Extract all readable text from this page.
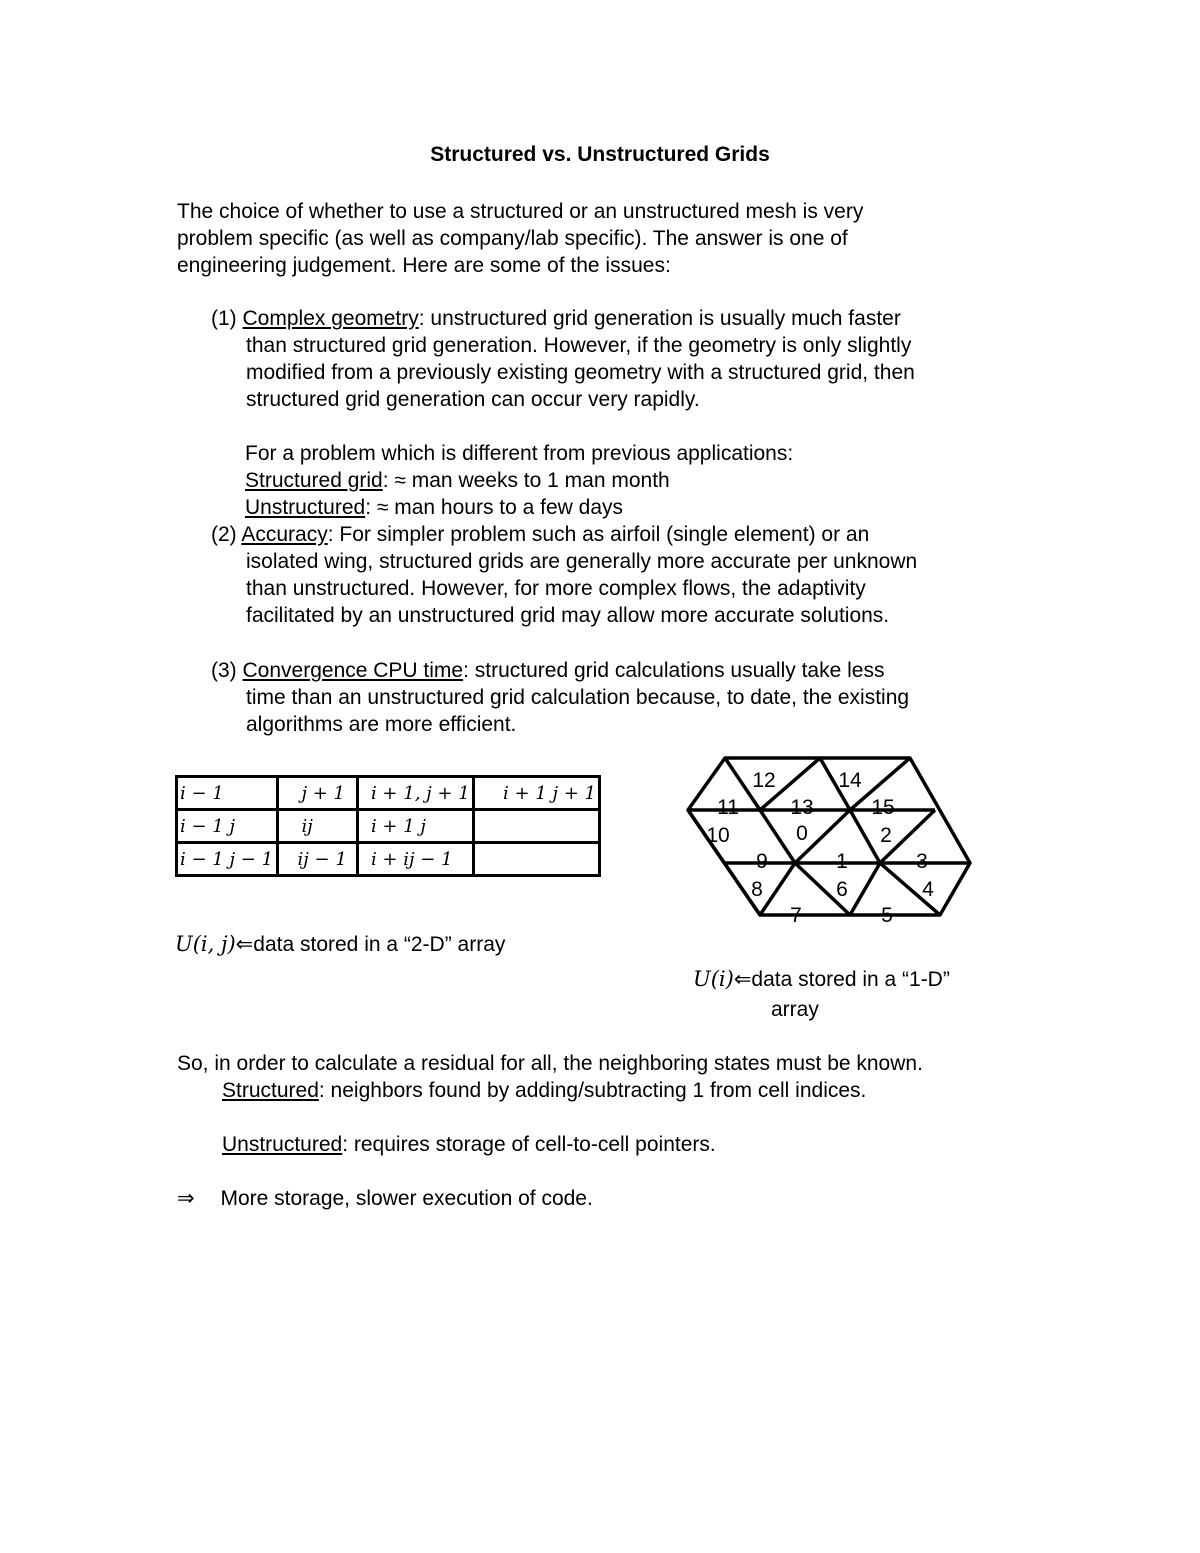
Structured vs. Unstructured Grids
The choice of whether to use a structured or an unstructured mesh is very
problem specific (as well as company/lab specific). The answer is one of
engineering judgement. Here are some of the issues:
(1) Complex geometry: unstructured grid generation is usually much faster
than structured grid generation. However, if the geometry is only slightly
modified from a previously existing geometry with a structured grid, then
structured grid generation can occur very rapidly.
For a problem which is different from previous applications:
Structured grid: ≈ man weeks to 1 man month
Unstructured: ≈ man hours to a few days
(2) Accuracy: For simpler problem such as airfoil (single element) or an
isolated wing, structured grids are generally more accurate per unknown
than unstructured. However, for more complex flows, the adaptivity
facilitated by an unstructured grid may allow more accurate solutions.
(3) Convergence CPU time: structured grid calculations usually take less
time than an unstructured grid calculation because, to date, the existing
algorithms are more efficient.
i − 1	j + 1	i + 1, j + 1	i + 1 j + 1
i − 1 j	ij	i + 1 j	
i − 1 j − 1	ij − 1	i + ij − 1	
U(i, j)⇐data stored in a “2-D” array
12	14
11 13	15
10	0	2
9	1	3
8	6	4
7	5
U(i)⇐data stored in a “1-D”
array
So, in order to calculate a residual for all, the neighboring states must be known.
Structured: neighbors found by adding/subtracting 1 from cell indices.
Unstructured: requires storage of cell-to-cell pointers.
⇒ More storage, slower execution of code.
